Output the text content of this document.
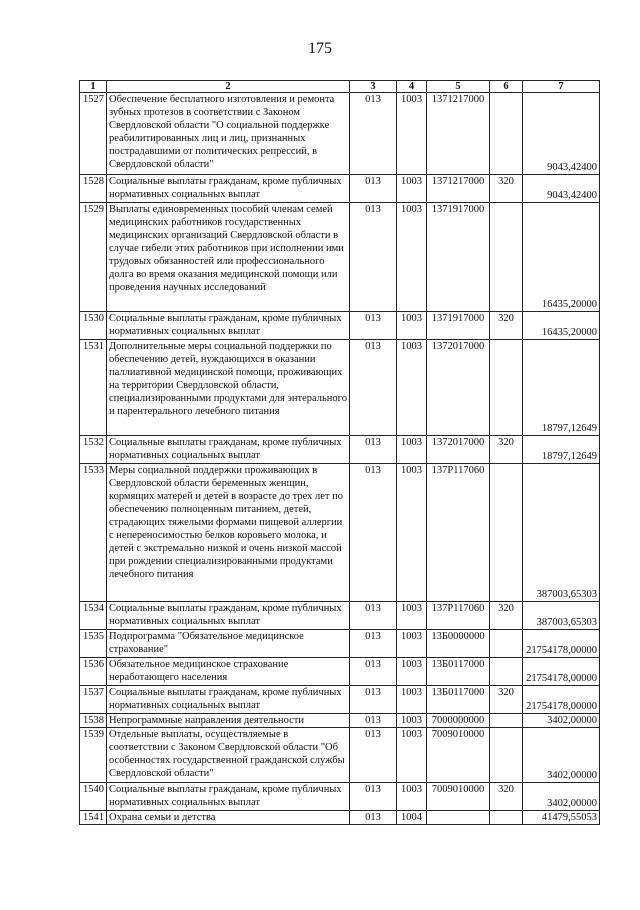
175
1	2	3	4	5	6	7
1527	Обеспечение бесплатного изготовления и ремонта зубных протезов в соответствии с Законом Свердловской области "О социальной поддержке реабилитированных лиц и лиц, признанных пострадавшими от политических репрессий, в Свердловской области"	013	1003	1371217000		9043,42400
1528	Социальные выплаты гражданам, кроме публичных нормативных социальных выплат	013	1003	1371217000	320	9043,42400
1529	Выплаты единовременных пособий членам семей медицинских работников государственных медицинских организаций Свердловской области в случае гибели этих работников при исполнении ими трудовых обязанностей или профессионального долга во время оказания медицинской помощи или проведения научных исследований	013	1003	1371917000		16435,20000
1530	Социальные выплаты гражданам, кроме публичных нормативных социальных выплат	013	1003	1371917000	320	16435,20000
1531	Дополнительные меры социальной поддержки по обеспечению детей, нуждающихся в оказании паллиативной медицинской помощи, проживающих на территории Свердловской области, специализированными продуктами для энтерального и парентерального лечебного питания	013	1003	1372017000		18797,12649
1532	Социальные выплаты гражданам, кроме публичных нормативных социальных выплат	013	1003	1372017000	320	18797,12649
1533	Меры социальной поддержки проживающих в Свердловской области беременных женщин, кормящих матерей и детей в возрасте до трех лет по обеспечению полноценным питанием, детей, страдающих тяжелыми формами пищевой аллергии с непереносимостью белков коровьего молока, и детей с экстремально низкой и очень низкой массой при рождении специализированными продуктами лечебного питания	013	1003	137P117060		387003,65303
1534	Социальные выплаты гражданам, кроме публичных нормативных социальных выплат	013	1003	137P117060	320	387003,65303
1535	Подпрограмма "Обязательное медицинское страхование"	013	1003	13Б0000000		21754178,00000
1536	Обязательное медицинское страхование неработающего населения	013	1003	13Б0117000		21754178,00000
1537	Социальные выплаты гражданам, кроме публичных нормативных социальных выплат	013	1003	13Б0117000	320	21754178,00000
1538	Непрограммные направления деятельности	013	1003	7000000000		3402,00000
1539	Отдельные выплаты, осуществляемые в соответствии с Законом Свердловской области "Об особенностях государственной гражданской службы Свердловской области"	013	1003	7009010000		3402,00000
1540	Социальные выплаты гражданам, кроме публичных нормативных социальных выплат	013	1003	7009010000	320	3402,00000
1541	Охрана семьи и детства	013	1004			41479,55053
